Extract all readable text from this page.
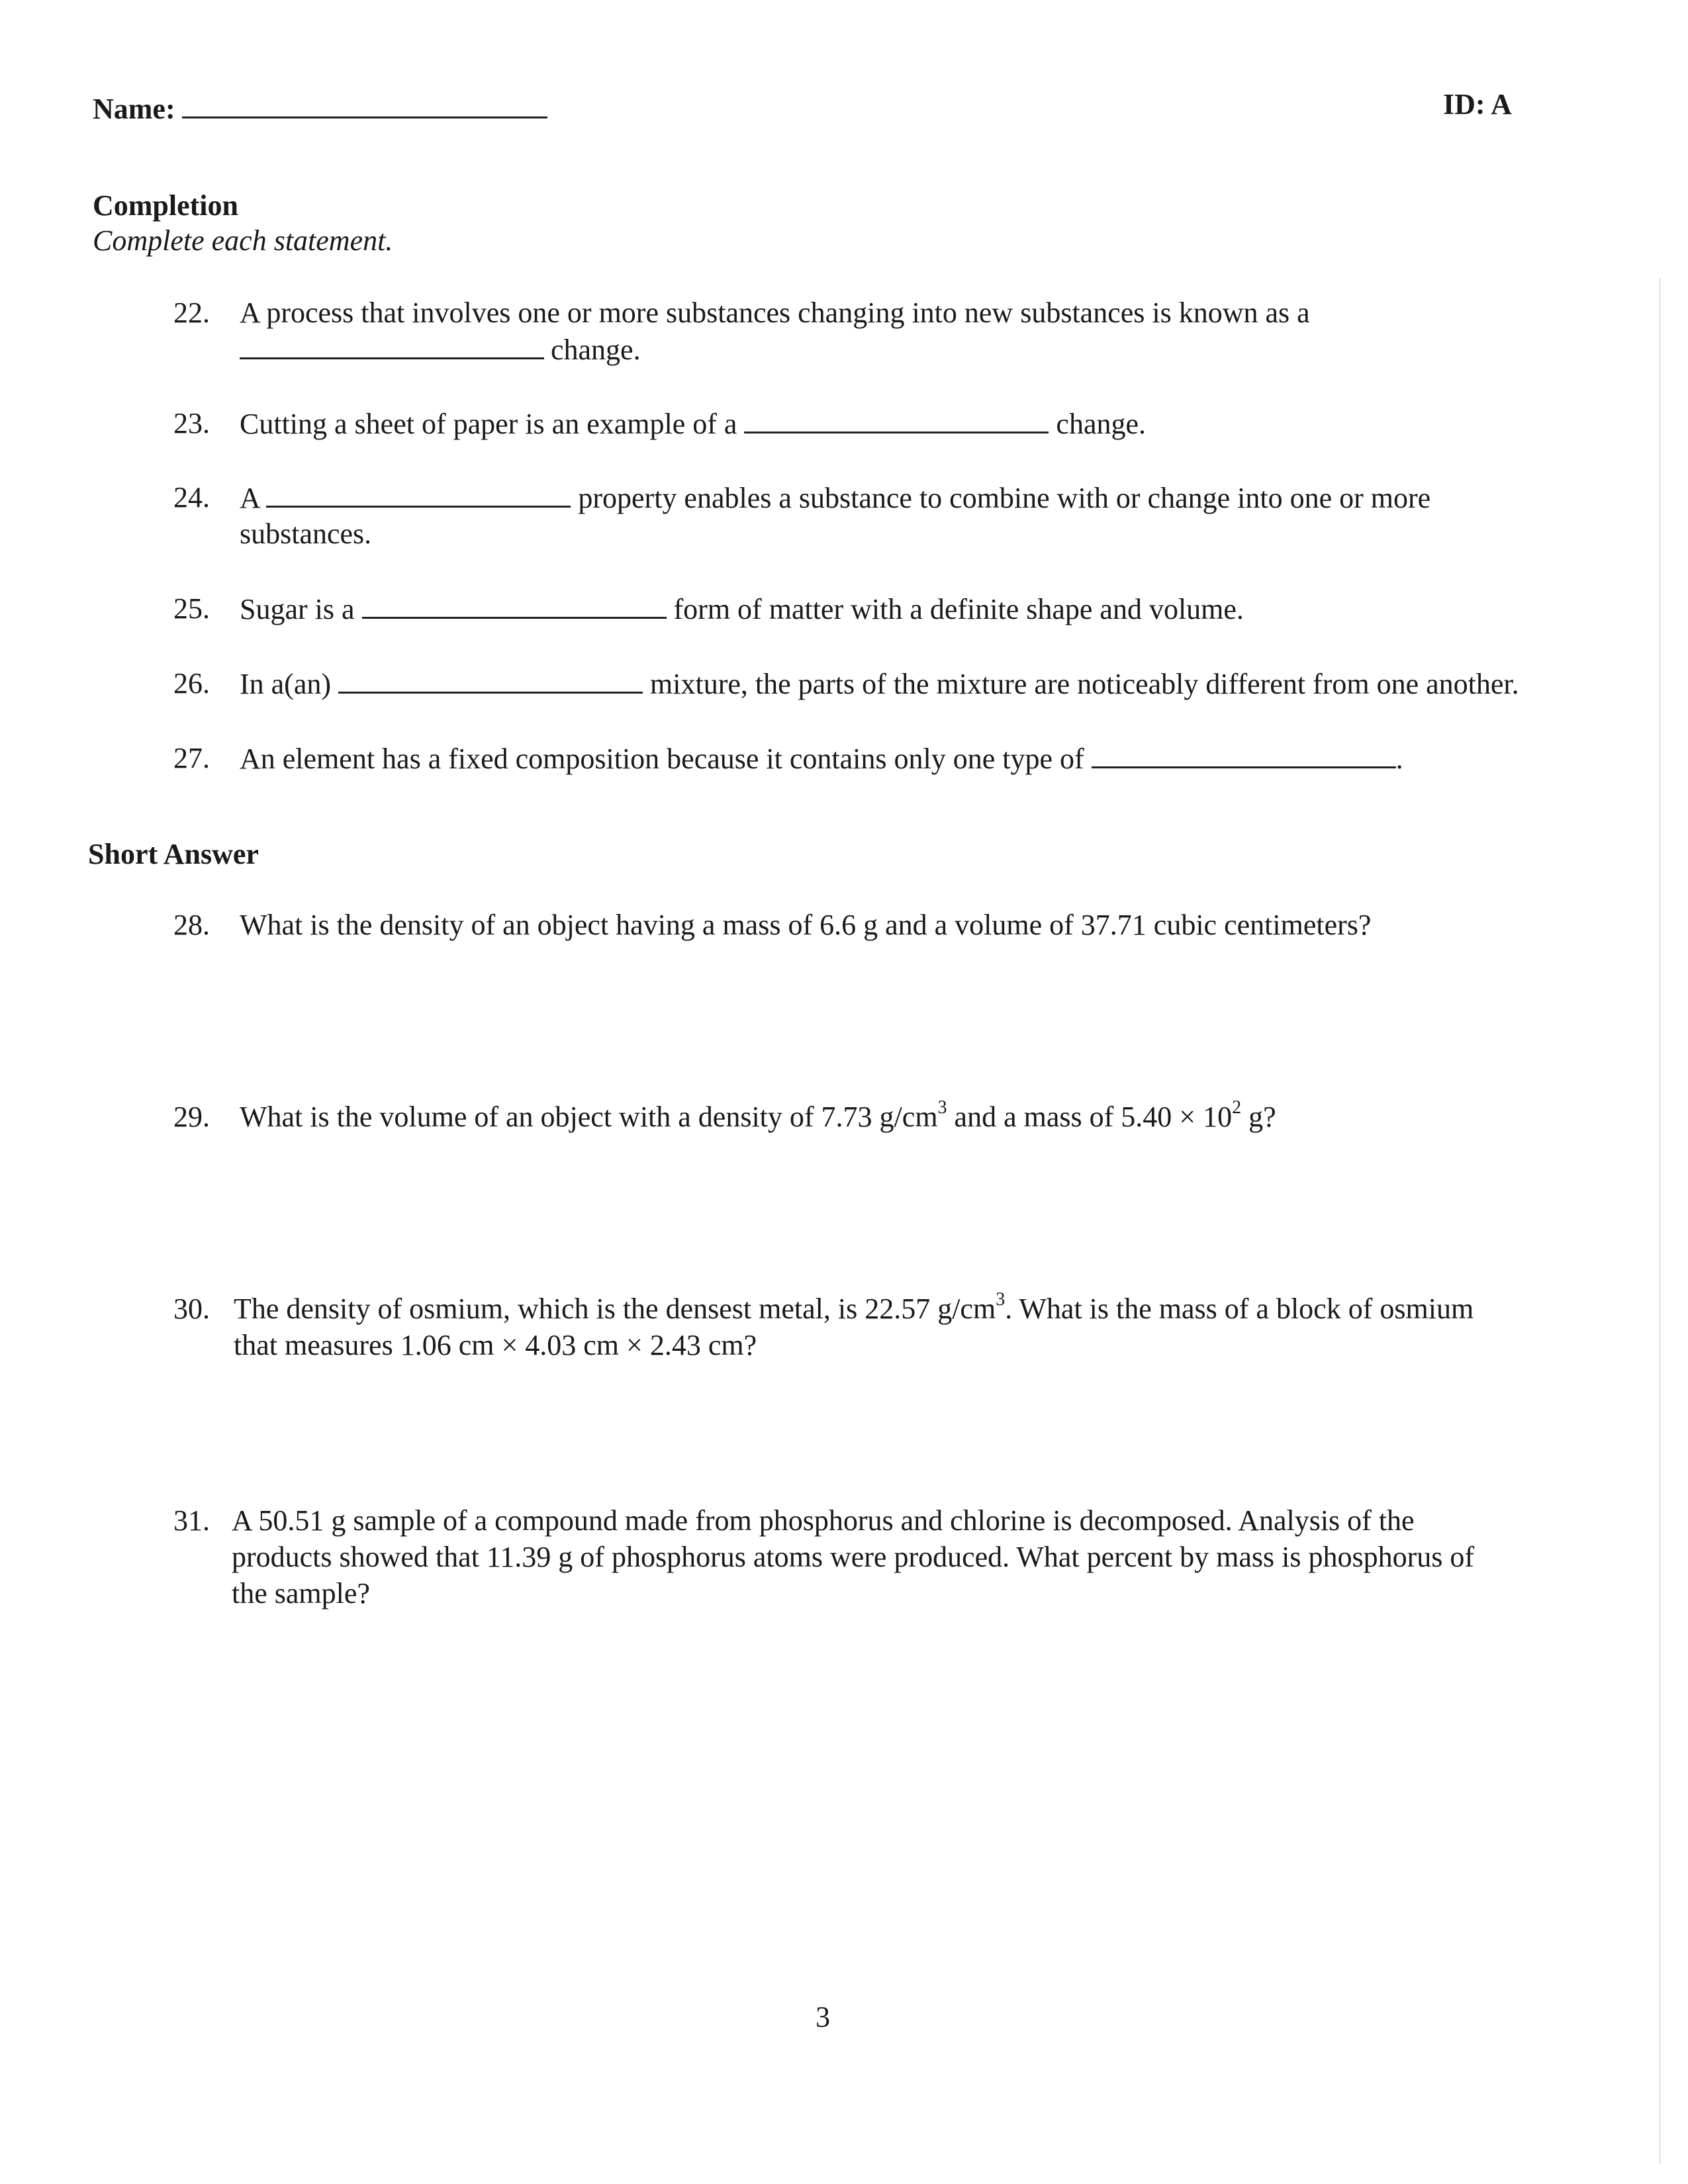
Name:	ID: A
Completion
Complete each statement.
22. A process that involves one or more substances changing into new substances is known as a
change.
23. Cutting a sheet of paper is an example of a	change.
24. A	property enables a substance to combine with or change into one or more
substances.
25. Sugar is a	form of matter with a definite shape and volume.
26. In a(an)	mixture, the parts of the mixture are noticeably different from one another.
27. An element has a fixed composition because it contains only one type of	.
Short Answer
28. What is the density of an object having a mass of 6.6 g and a volume of 37.71 cubic centimeters?
29. What is the volume of an object with a density of 7.73 $g/cm^3$ and a mass of $5.40 \times 10^2$ g?
30. The density of osmium, which is the densest metal, is 22.57 $g/cm^3$. What is the mass of a block of osmium
that measures 1.06 cm × 4.03 cm × 2.43 cm?
31. A 50.51 g sample of a compound made from phosphorus and chlorine is decomposed. Analysis of the
products showed that 11.39 g of phosphorus atoms were produced. What percent by mass is phosphorus of
the sample?
3
